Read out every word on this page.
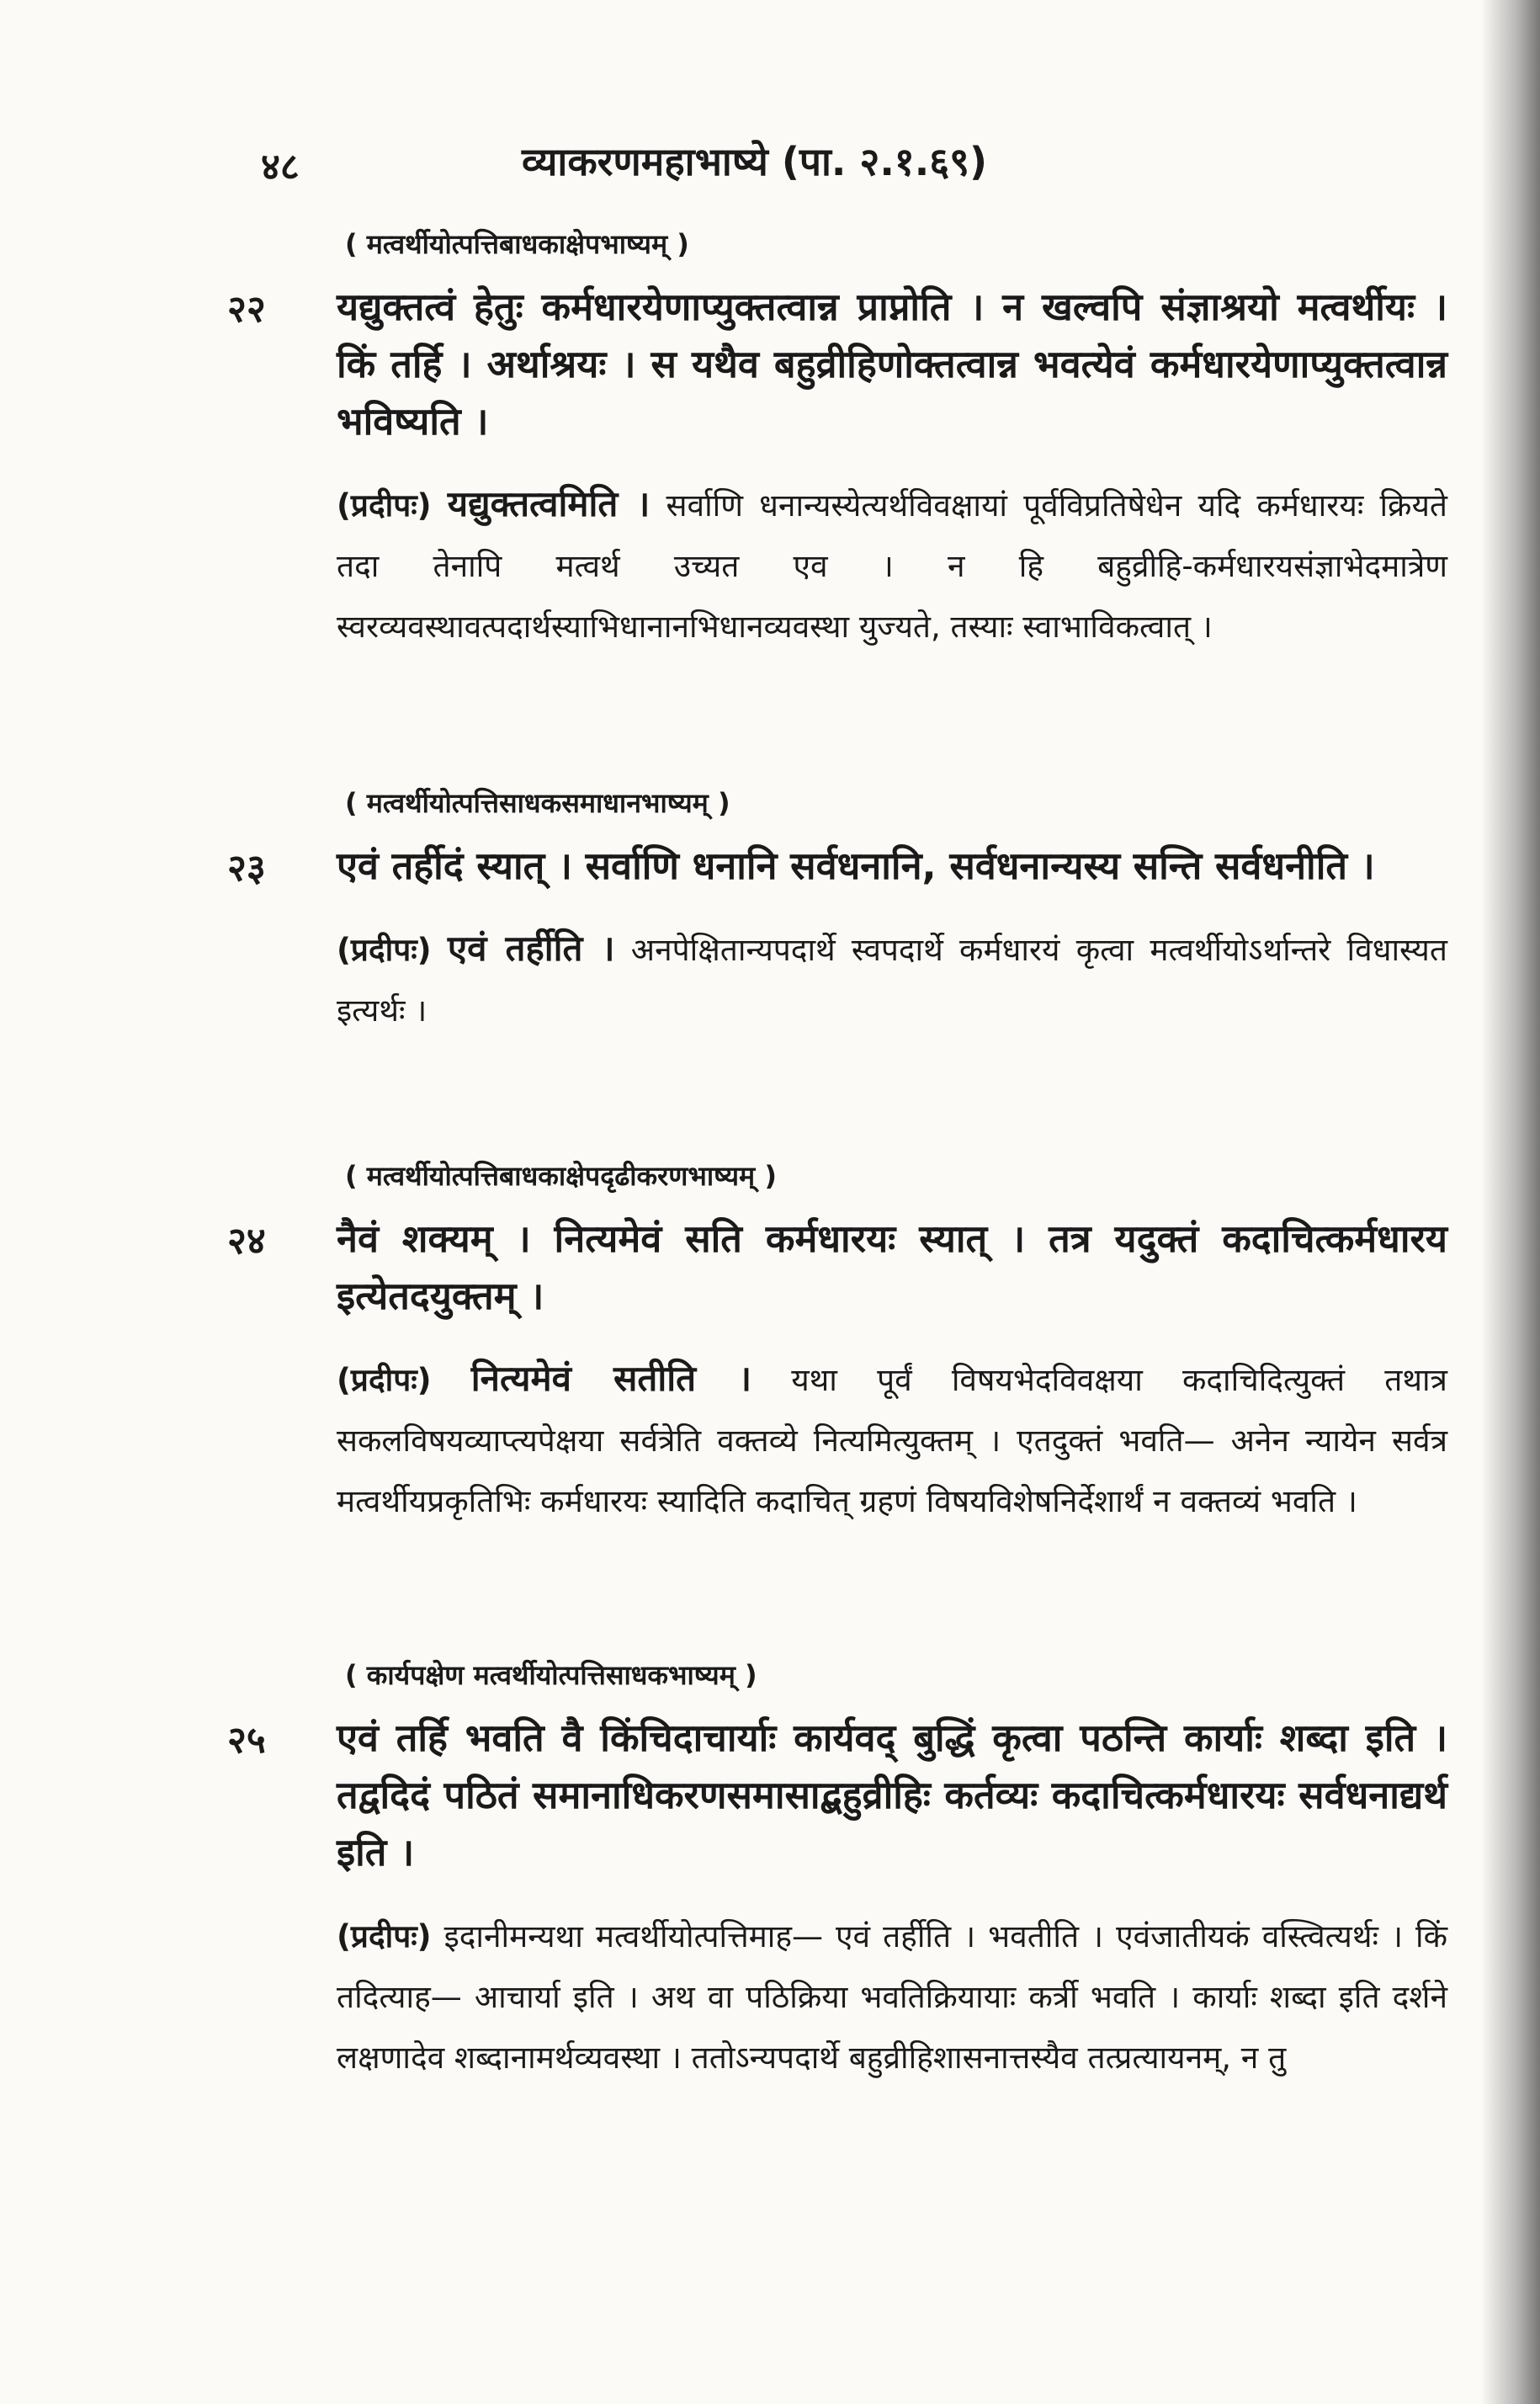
४८	व्याकरणमहाभाष्ये (पा. २.१.६९)
( मत्वर्थीयोत्पत्तिबाधकाक्षेपभाष्यम् )
२२	यद्युक्तत्वं हेतुः कर्मधारयेणाप्युक्तत्वान्न प्राप्नोति । न खल्वपि संज्ञाश्रयो मत्वर्थीयः । किं तर्हि । अर्थाश्रयः । स यथैव बहुव्रीहिणोक्तत्वान्न भवत्येवं कर्मधारयेणाप्युक्तत्वान्न भविष्यति ।
(प्रदीपः) यद्युक्तत्वमिति । सर्वाणि धनान्यस्येत्यर्थविवक्षायां पूर्वविप्रतिषेधेन यदि कर्मधारयः क्रियते तदा तेनापि मत्वर्थ उच्यत एव । न हि बहुव्रीहि-कर्मधारयसंज्ञाभेदमात्रेण स्वरव्यवस्थावत्पदार्थस्याभिधानानभिधानव्यवस्था युज्यते, तस्याः स्वाभाविकत्वात् ।
( मत्वर्थीयोत्पत्तिसाधकसमाधानभाष्यम् )
२३	एवं तर्हीदं स्यात् । सर्वाणि धनानि सर्वधनानि, सर्वधनान्यस्य सन्ति सर्वधनीति ।
(प्रदीपः) एवं तर्हीति । अनपेक्षितान्यपदार्थे स्वपदार्थे कर्मधारयं कृत्वा मत्वर्थीयोऽर्थान्तरे विधास्यत इत्यर्थः ।
( मत्वर्थीयोत्पत्तिबाधकाक्षेपदृढीकरणभाष्यम् )
२४	नैवं शक्यम् । नित्यमेवं सति कर्मधारयः स्यात् । तत्र यदुक्तं कदाचित्कर्मधारय इत्येतदयुक्तम् ।
(प्रदीपः) नित्यमेवं सतीति । यथा पूर्वं विषयभेदविवक्षया कदाचिदित्युक्तं तथात्र सकलविषयव्याप्त्यपेक्षया सर्वत्रेति वक्तव्ये नित्यमित्युक्तम् । एतदुक्तं भवति— अनेन न्यायेन सर्वत्र मत्वर्थीयप्रकृतिभिः कर्मधारयः स्यादिति कदाचित् ग्रहणं विषयविशेषनिर्देशार्थं न वक्तव्यं भवति ।
( कार्यपक्षेण मत्वर्थीयोत्पत्तिसाधकभाष्यम् )
२५	एवं तर्हि भवति वै किंचिदाचार्याः कार्यवद् बुद्धिं कृत्वा पठन्ति कार्याः शब्दा इति । तद्वदिदं पठितं समानाधिकरणसमासाद्बहुव्रीहिः कर्तव्यः कदाचित्कर्मधारयः सर्वधनाद्यर्थ इति ।
(प्रदीपः) इदानीमन्यथा मत्वर्थीयोत्पत्तिमाह— एवं तर्हीति । भवतीति । एवंजातीयकं वस्त्वित्यर्थः । किं तदित्याह— आचार्या इति । अथ वा पठिक्रिया भवतिक्रियायाः कर्त्री भवति । कार्याः शब्दा इति दर्शने लक्षणादेव शब्दानामर्थव्यवस्था । ततोऽन्यपदार्थे बहुव्रीहिशासनात्तस्यैव तत्प्रत्यायनम्, न तु
